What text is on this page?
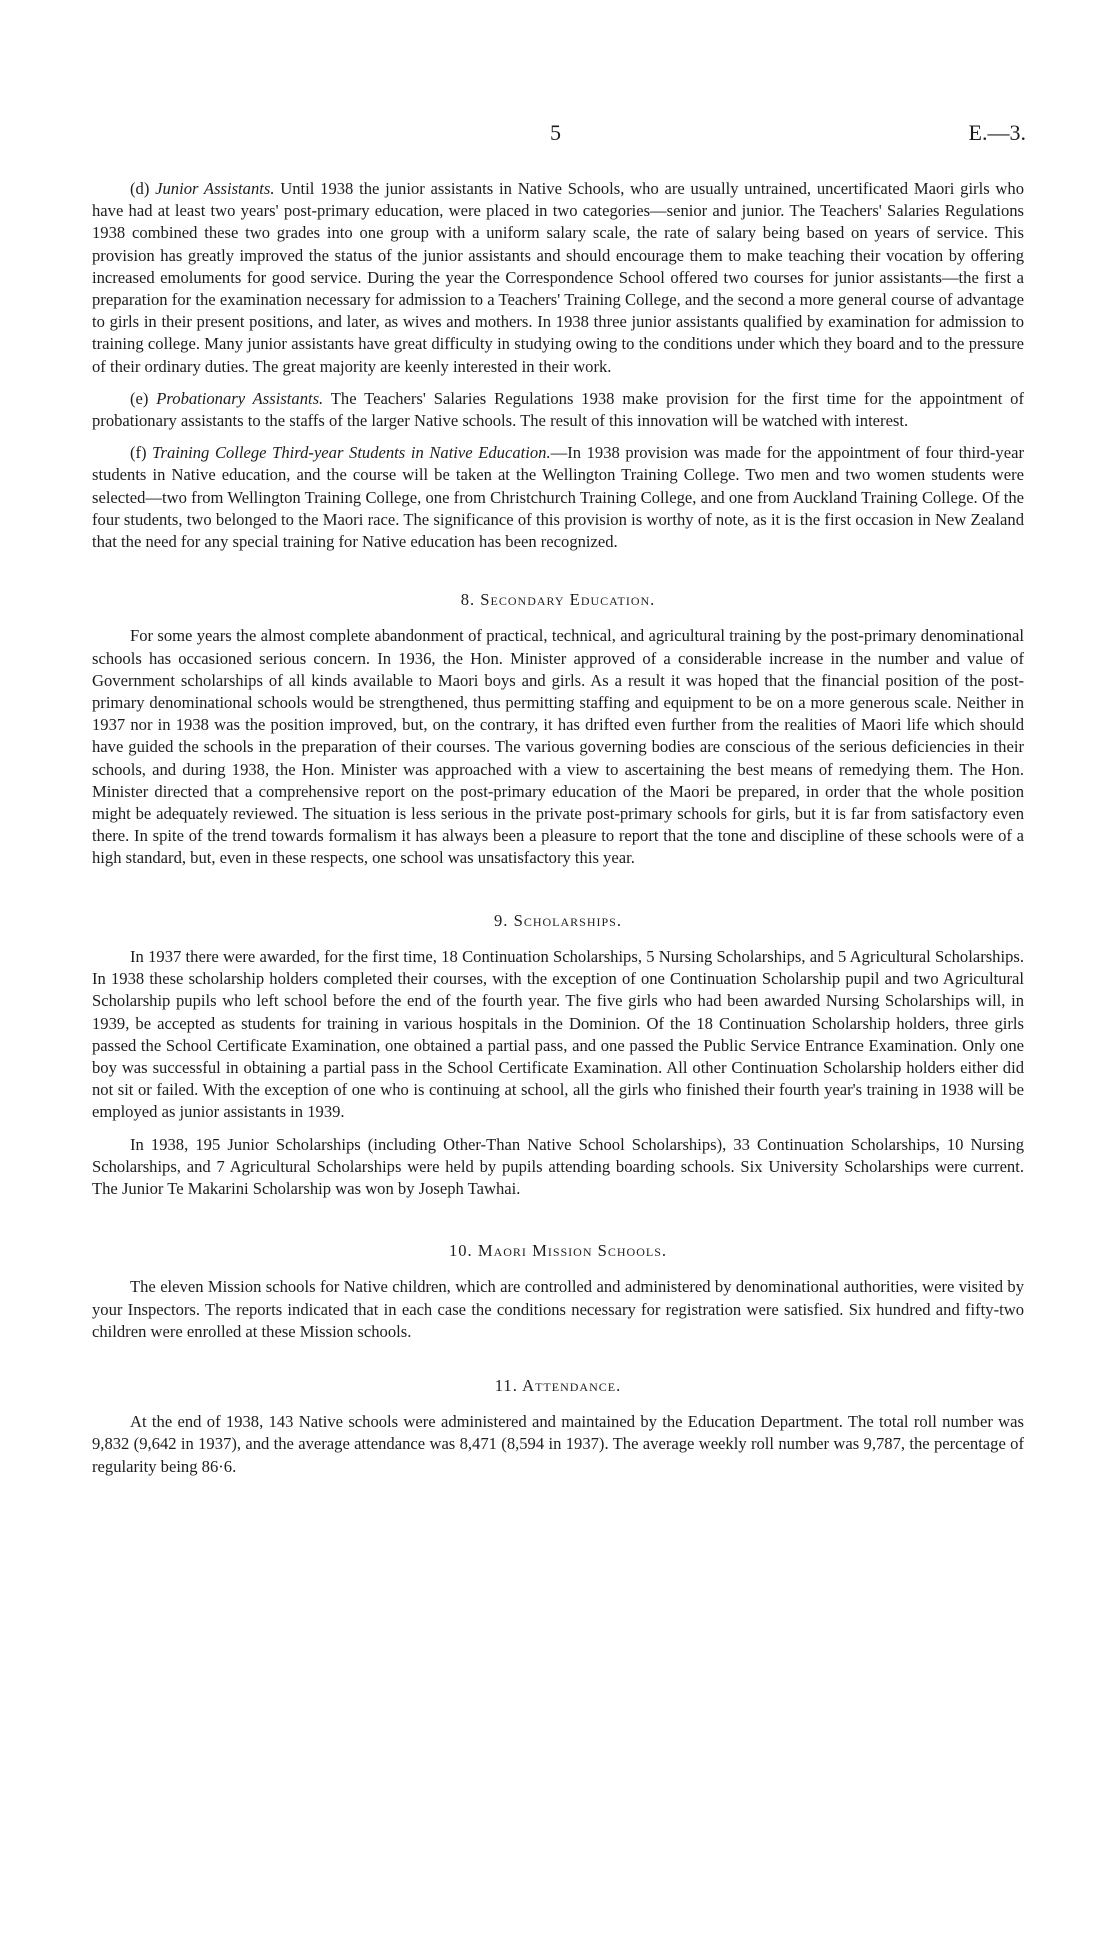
5	E.—3.

(d) Junior Assistants. Until 1938 the junior assistants in Native Schools, who are usually untrained, uncertificated Maori girls who have had at least two years' post-primary education, were placed in two categories—senior and junior. The Teachers' Salaries Regulations 1938 combined these two grades into one group with a uniform salary scale, the rate of salary being based on years of service. This provision has greatly improved the status of the junior assistants and should encourage them to make teaching their vocation by offering increased emoluments for good service. During the year the Correspondence School offered two courses for junior assistants—the first a preparation for the examination necessary for admission to a Teachers' Training College, and the second a more general course of advantage to girls in their present positions, and later, as wives and mothers. In 1938 three junior assistants qualified by examination for admission to training college. Many junior assistants have great difficulty in studying owing to the conditions under which they board and to the pressure of their ordinary duties. The great majority are keenly interested in their work.

(e) Probationary Assistants. The Teachers' Salaries Regulations 1938 make provision for the first time for the appointment of probationary assistants to the staffs of the larger Native schools. The result of this innovation will be watched with interest.

(f) Training College Third-year Students in Native Education.—In 1938 provision was made for the appointment of four third-year students in Native education, and the course will be taken at the Wellington Training College. Two men and two women students were selected—two from Wellington Training College, one from Christchurch Training College, and one from Auckland Training College. Of the four students, two belonged to the Maori race. The significance of this provision is worthy of note, as it is the first occasion in New Zealand that the need for any special training for Native education has been recognized.

8. Secondary Education.

For some years the almost complete abandonment of practical, technical, and agricultural training by the post-primary denominational schools has occasioned serious concern. In 1936, the Hon. Minister approved of a considerable increase in the number and value of Government scholarships of all kinds available to Maori boys and girls. As a result it was hoped that the financial position of the post-primary denominational schools would be strengthened, thus permitting staffing and equipment to be on a more generous scale. Neither in 1937 nor in 1938 was the position improved, but, on the contrary, it has drifted even further from the realities of Maori life which should have guided the schools in the preparation of their courses. The various governing bodies are conscious of the serious deficiencies in their schools, and during 1938, the Hon. Minister was approached with a view to ascertaining the best means of remedying them. The Hon. Minister directed that a comprehensive report on the post-primary education of the Maori be prepared, in order that the whole position might be adequately reviewed. The situation is less serious in the private post-primary schools for girls, but it is far from satisfactory even there. In spite of the trend towards formalism it has always been a pleasure to report that the tone and discipline of these schools were of a high standard, but, even in these respects, one school was unsatisfactory this year.

9. Scholarships.

In 1937 there were awarded, for the first time, 18 Continuation Scholarships, 5 Nursing Scholarships, and 5 Agricultural Scholarships. In 1938 these scholarship holders completed their courses, with the exception of one Continuation Scholarship pupil and two Agricultural Scholarship pupils who left school before the end of the fourth year. The five girls who had been awarded Nursing Scholarships will, in 1939, be accepted as students for training in various hospitals in the Dominion. Of the 18 Continuation Scholarship holders, three girls passed the School Certificate Examination, one obtained a partial pass, and one passed the Public Service Entrance Examination. Only one boy was successful in obtaining a partial pass in the School Certificate Examination. All other Continuation Scholarship holders either did not sit or failed. With the exception of one who is continuing at school, all the girls who finished their fourth year's training in 1938 will be employed as junior assistants in 1939.

In 1938, 195 Junior Scholarships (including Other-Than Native School Scholarships), 33 Continuation Scholarships, 10 Nursing Scholarships, and 7 Agricultural Scholarships were held by pupils attending boarding schools. Six University Scholarships were current. The Junior Te Makarini Scholarship was won by Joseph Tawhai.

10. Maori Mission Schools.

The eleven Mission schools for Native children, which are controlled and administered by denominational authorities, were visited by your Inspectors. The reports indicated that in each case the conditions necessary for registration were satisfied. Six hundred and fifty-two children were enrolled at these Mission schools.

11. Attendance.

At the end of 1938, 143 Native schools were administered and maintained by the Education Department. The total roll number was 9,832 (9,642 in 1937), and the average attendance was 8,471 (8,594 in 1937). The average weekly roll number was 9,787, the percentage of regularity being 86·6.
